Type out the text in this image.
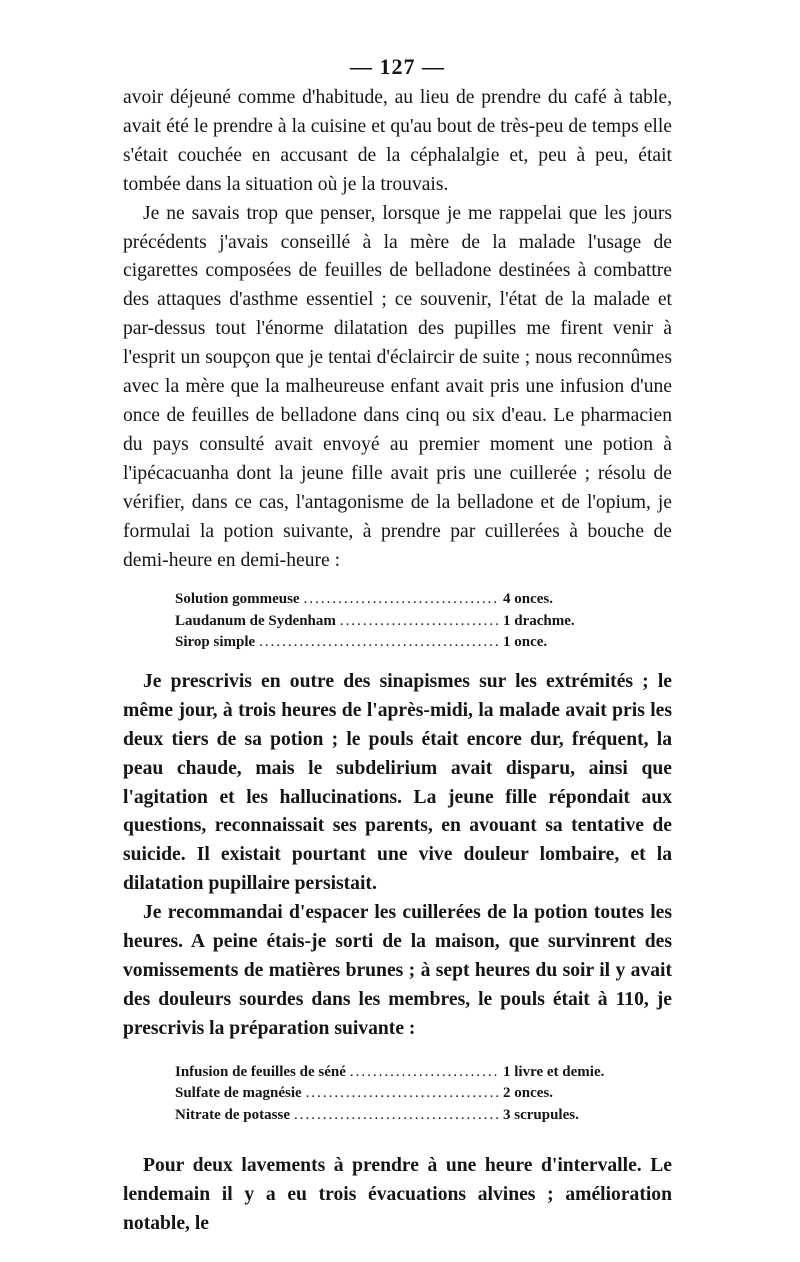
— 127 —

avoir déjeuné comme d'habitude, au lieu de prendre du café à table, avait été le prendre à la cuisine et qu'au bout de très-peu de temps elle s'était couchée en accusant de la céphalalgie et, peu à peu, était tombée dans la situation où je la trouvais.

Je ne savais trop que penser, lorsque je me rappelai que les jours précédents j'avais conseillé à la mère de la malade l'usage de cigarettes composées de feuilles de belladone destinées à combattre des attaques d'asthme essentiel ; ce souvenir, l'état de la malade et par-dessus tout l'énorme dilatation des pupilles me firent venir à l'esprit un soupçon que je tentai d'éclaircir de suite ; nous reconnûmes avec la mère que la malheureuse enfant avait pris une infusion d'une once de feuilles de belladone dans cinq ou six d'eau. Le pharmacien du pays consulté avait envoyé au premier moment une potion à l'ipécacuanha dont la jeune fille avait pris une cuillerée ; résolu de vérifier, dans ce cas, l'antagonisme de la belladone et de l'opium, je formulai la potion suivante, à prendre par cuillerées à bouche de demi-heure en demi-heure :

Solution gommeuse .....	4 onces.
Laudanum de Sydenham .....	1 drachme.
Sirop simple .....	1 once.

Je prescrivis en outre des sinapismes sur les extrémités ; le même jour, à trois heures de l'après-midi, la malade avait pris les deux tiers de sa potion ; le pouls était encore dur, fréquent, la peau chaude, mais le subdelirium avait disparu, ainsi que l'agitation et les hallucinations. La jeune fille répondait aux questions, reconnaissait ses parents, en avouant sa tentative de suicide. Il existait pourtant une vive douleur lombaire, et la dilatation pupillaire persistait.

Je recommandai d'espacer les cuillerées de la potion toutes les heures. A peine étais-je sorti de la maison, que survinrent des vomissements de matières brunes ; à sept heures du soir il y avait des douleurs sourdes dans les membres, le pouls était à 110, je prescrivis la préparation suivante :

Infusion de feuilles de séné .....	1 livre et demie.
Sulfate de magnésie .....	2 onces.
Nitrate de potasse .....	3 scrupules.

Pour deux lavements à prendre à une heure d'intervalle. Le lendemain il y a eu trois évacuations alvines ; amélioration notable, le
